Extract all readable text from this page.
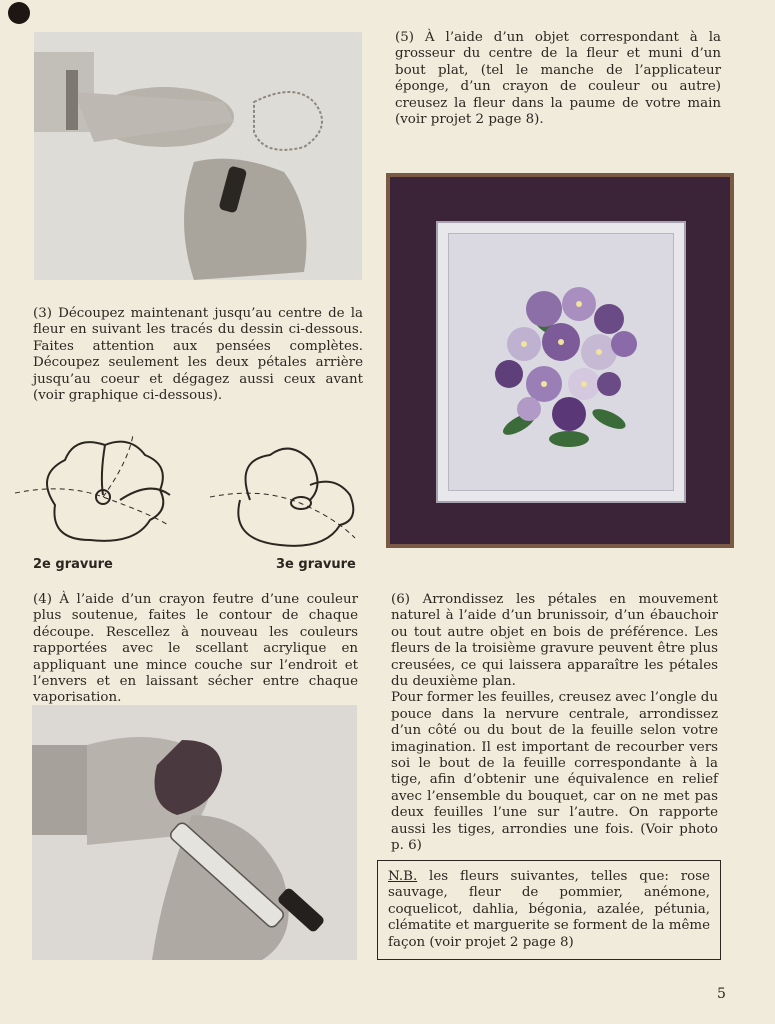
(5) À l’aide d’un objet correspondant à la grosseur du centre de la fleur et muni d’un bout plat, (tel le manche de l’applicateur éponge, d’un crayon de couleur ou autre) creusez la fleur dans la paume de votre main (voir projet 2 page 8).

(3) Découpez maintenant jusqu’au centre de la fleur en suivant les tracés du dessin ci-dessous. Faites attention aux pensées complètes. Découpez seulement les deux pétales arrière jusqu’au coeur et dégagez aussi ceux avant (voir graphique ci-dessous).

2e gravure	3e gravure

(4) À l’aide d’un crayon feutre d’une couleur plus soutenue, faites le contour de chaque découpe. Rescellez à nouveau les couleurs rapportées avec le scellant acrylique en appliquant une mince couche sur l’endroit et l’envers et en laissant sécher entre chaque vaporisation.

(6) Arrondissez les pétales en mouvement naturel à l’aide d’un brunissoir, d’un ébauchoir ou tout autre objet en bois de préférence. Les fleurs de la troisième gravure peuvent être plus creusées, ce qui laissera apparaître les pétales du deuxième plan.

Pour former les feuilles, creusez avec l’ongle du pouce dans la nervure centrale, arrondissez d’un côté ou du bout de la feuille selon votre imagination. Il est important de recourber vers soi le bout de la feuille correspondante à la tige, afin d’obtenir une équivalence en relief avec l’ensemble du bouquet, car on ne met pas deux feuilles l’une sur l’autre. On rapporte aussi les tiges, arrondies une fois. (Voir photo p. 6)

N.B. les fleurs suivantes, telles que: rose sauvage, fleur de pommier, anémone, coquelicot, dahlia, bégonia, azalée, pétunia, clématite et marguerite se forment de la même façon (voir projet 2 page 8)
5
